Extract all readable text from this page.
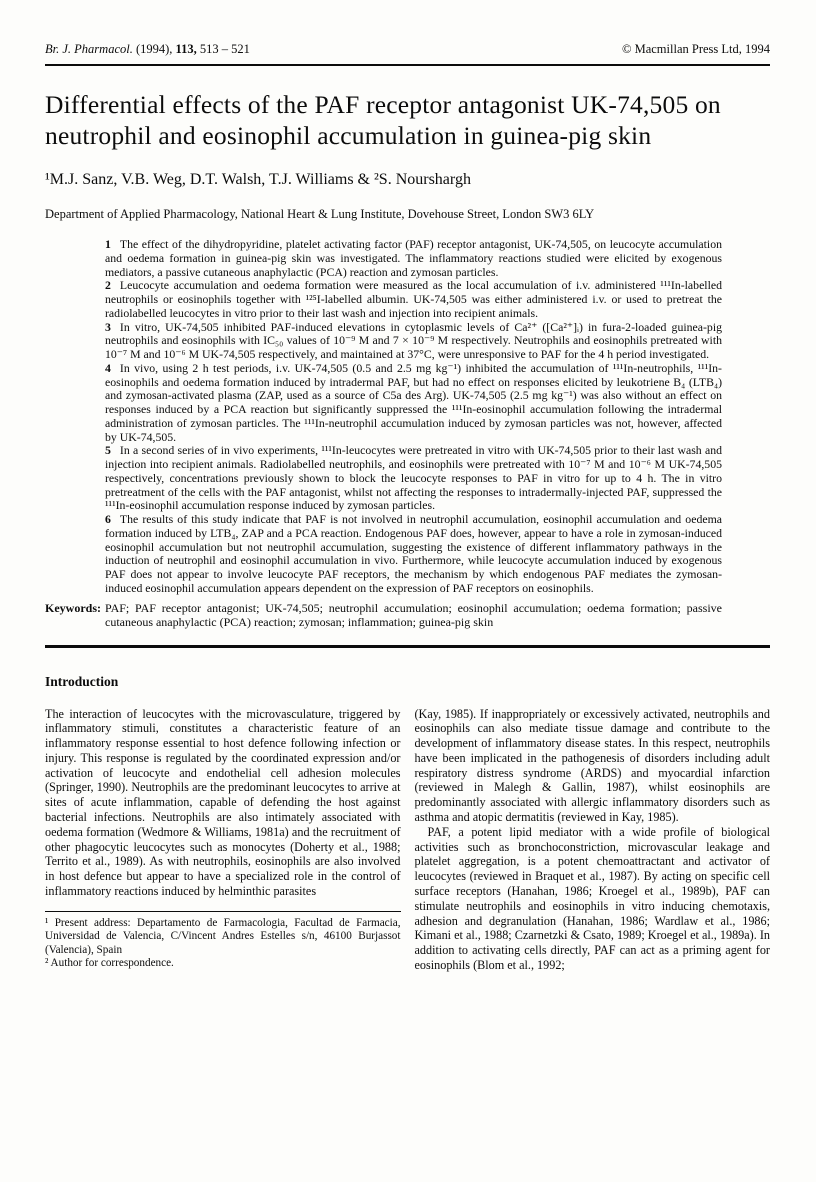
Br. J. Pharmacol. (1994), 113, 513 – 521	© Macmillan Press Ltd, 1994
Differential effects of the PAF receptor antagonist UK-74,505 on neutrophil and eosinophil accumulation in guinea-pig skin
¹M.J. Sanz, V.B. Weg, D.T. Walsh, T.J. Williams & ²S. Nourshargh
Department of Applied Pharmacology, National Heart & Lung Institute, Dovehouse Street, London SW3 6LY

1 The effect of the dihydropyridine, platelet activating factor (PAF) receptor antagonist, UK-74,505, on leucocyte accumulation and oedema formation in guinea-pig skin was investigated. The inflammatory reactions studied were elicited by exogenous mediators, a passive cutaneous anaphylactic (PCA) reaction and zymosan particles.

2 Leucocyte accumulation and oedema formation were measured as the local accumulation of i.v. administered ¹¹¹In-labelled neutrophils or eosinophils together with ¹²⁵I-labelled albumin. UK-74,505 was either administered i.v. or used to pretreat the radiolabelled leucocytes in vitro prior to their last wash and injection into recipient animals.

3 In vitro, UK-74,505 inhibited PAF-induced elevations in cytoplasmic levels of Ca²⁺ ([Ca²⁺]ᵢ) in fura-2-loaded guinea-pig neutrophils and eosinophils with IC₅₀ values of 10⁻⁹ M and 7 × 10⁻⁹ M respectively. Neutrophils and eosinophils pretreated with 10⁻⁷ M and 10⁻⁶ M UK-74,505 respectively, and maintained at 37°C, were unresponsive to PAF for the 4 h period investigated.

4 In vivo, using 2 h test periods, i.v. UK-74,505 (0.5 and 2.5 mg kg⁻¹) inhibited the accumulation of ¹¹¹In-neutrophils, ¹¹¹In-eosinophils and oedema formation induced by intradermal PAF, but had no effect on responses elicited by leukotriene B₄ (LTB₄) and zymosan-activated plasma (ZAP, used as a source of C5a des Arg). UK-74,505 (2.5 mg kg⁻¹) was also without an effect on responses induced by a PCA reaction but significantly suppressed the ¹¹¹In-eosinophil accumulation following the intradermal administration of zymosan particles. The ¹¹¹In-neutrophil accumulation induced by zymosan particles was not, however, affected by UK-74,505.

5 In a second series of in vivo experiments, ¹¹¹In-leucocytes were pretreated in vitro with UK-74,505 prior to their last wash and injection into recipient animals. Radiolabelled neutrophils, and eosinophils were pretreated with 10⁻⁷ M and 10⁻⁶ M UK-74,505 respectively, concentrations previously shown to block the leucocyte responses to PAF in vitro for up to 4 h. The in vitro pretreatment of the cells with the PAF antagonist, whilst not affecting the responses to intradermally-injected PAF, suppressed the ¹¹¹In-eosinophil accumulation response induced by zymosan particles.

6 The results of this study indicate that PAF is not involved in neutrophil accumulation, eosinophil accumulation and oedema formation induced by LTB₄, ZAP and a PCA reaction. Endogenous PAF does, however, appear to have a role in zymosan-induced eosinophil accumulation but not neutrophil accumulation, suggesting the existence of different inflammatory pathways in the induction of neutrophil and eosinophil accumulation in vivo. Furthermore, while leucocyte accumulation induced by exogenous PAF does not appear to involve leucocyte PAF receptors, the mechanism by which endogenous PAF mediates the zymosan-induced eosinophil accumulation appears dependent on the expression of PAF receptors on eosinophils.

Keywords: PAF; PAF receptor antagonist; UK-74,505; neutrophil accumulation; eosinophil accumulation; oedema formation; passive cutaneous anaphylactic (PCA) reaction; zymosan; inflammation; guinea-pig skin
Introduction

The interaction of leucocytes with the microvasculature, triggered by inflammatory stimuli, constitutes a characteristic feature of an inflammatory response essential to host defence following infection or injury. This response is regulated by the coordinated expression and/or activation of leucocyte and endothelial cell adhesion molecules (Springer, 1990). Neutrophils are the predominant leucocytes to arrive at sites of acute inflammation, capable of defending the host against bacterial infections. Neutrophils are also intimately associated with oedema formation (Wedmore & Williams, 1981a) and the recruitment of other phagocytic leucocytes such as monocytes (Doherty et al., 1988; Territo et al., 1989). As with neutrophils, eosinophils are also involved in host defence but appear to have a specialized role in the control of inflammatory reactions induced by helminthic parasites

¹ Present address: Departamento de Farmacologia, Facultad de Farmacia, Universidad de Valencia, C/Vincent Andres Estelles s/n, 46100 Burjassot (Valencia), Spain

² Author for correspondence.

(Kay, 1985). If inappropriately or excessively activated, neutrophils and eosinophils can also mediate tissue damage and contribute to the development of inflammatory disease states. In this respect, neutrophils have been implicated in the pathogenesis of disorders including adult respiratory distress syndrome (ARDS) and myocardial infarction (reviewed in Malegh & Gallin, 1987), whilst eosinophils are predominantly associated with allergic inflammatory disorders such as asthma and atopic dermatitis (reviewed in Kay, 1985).

PAF, a potent lipid mediator with a wide profile of biological activities such as bronchoconstriction, microvascular leakage and platelet aggregation, is a potent chemoattractant and activator of leucocytes (reviewed in Braquet et al., 1987). By acting on specific cell surface receptors (Hanahan, 1986; Kroegel et al., 1989b), PAF can stimulate neutrophils and eosinophils in vitro inducing chemotaxis, adhesion and degranulation (Hanahan, 1986; Wardlaw et al., 1986; Kimani et al., 1988; Czarnetzki & Csato, 1989; Kroegel et al., 1989a). In addition to activating cells directly, PAF can act as a priming agent for eosinophils (Blom et al., 1992;
